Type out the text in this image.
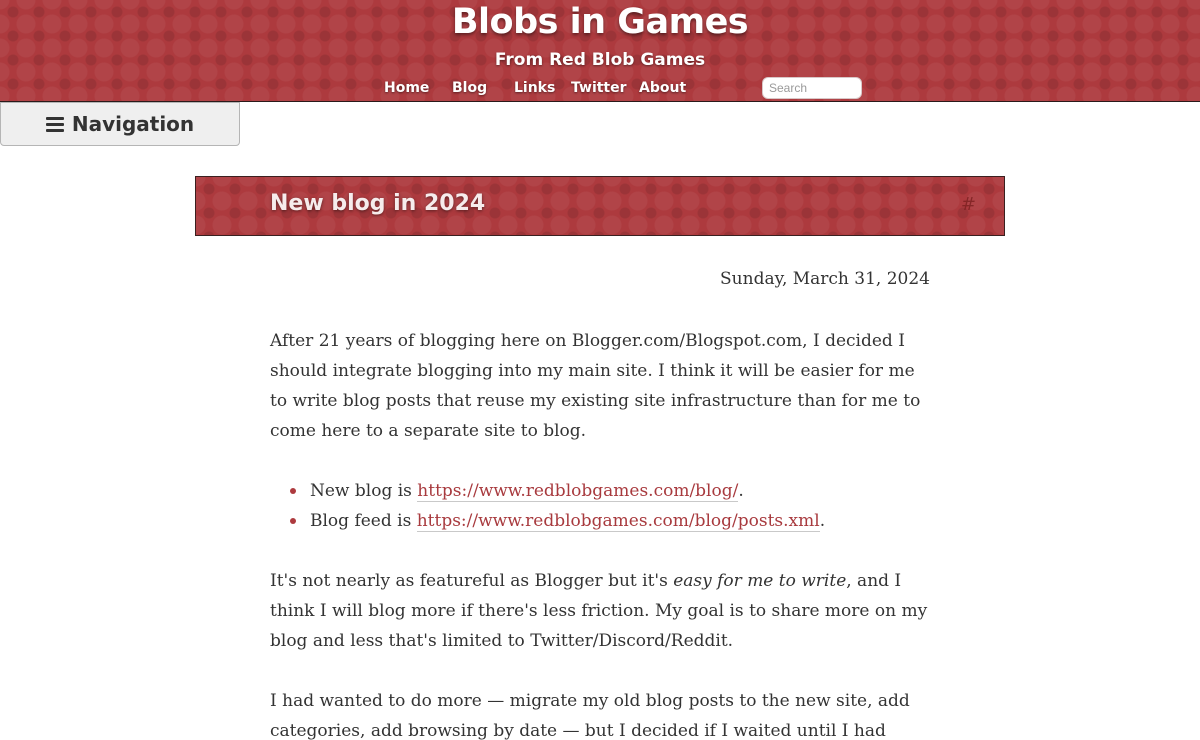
Blobs in Games
From Red Blob Games
Home Blog Links Twitter About
Search
Navigation
New blog in 2024	#
Sunday, March 31, 2024

After 21 years of blogging here on Blogger.com/Blogspot.com, I decided I should integrate blogging into my main site. I think it will be easier for me to write blog posts that reuse my existing site infrastructure than for me to come here to a separate site to blog.

New blog is https://www.redblobgames.com/blog/.
Blog feed is https://www.redblobgames.com/blog/posts.xml.

It's not nearly as featureful as Blogger but it's easy for me to write, and I think I will blog more if there's less friction. My goal is to share more on my blog and less that's limited to Twitter/Discord/Reddit.

I had wanted to do more — migrate my old blog posts to the new site, add categories, add browsing by date — but I decided if I waited until I had
